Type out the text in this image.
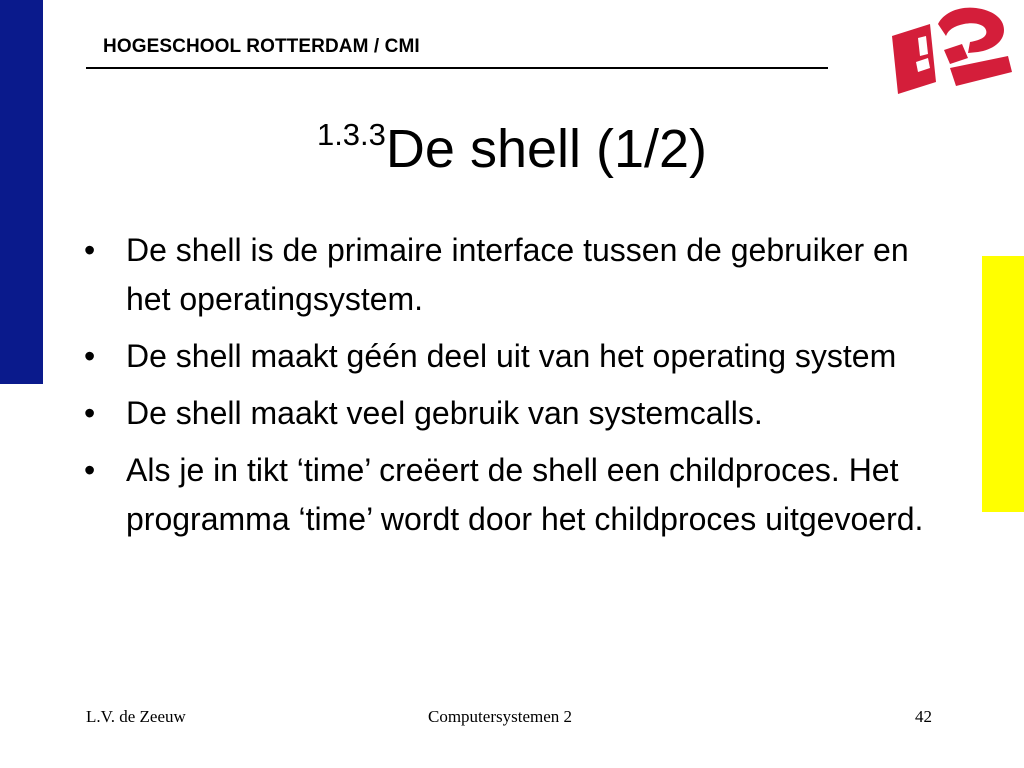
HOGESCHOOL ROTTERDAM / CMI
$^{1.3.3}$De shell (1/2)
• De shell is de primaire interface tussen de gebruiker en het operatingsystem.
• De shell maakt géén deel uit van het operating system
• De shell maakt veel gebruik van systemcalls.
• Als je in tikt ‘time’ creëert de shell een childproces. Het programma ‘time’ wordt door het childproces uitgevoerd.
L.V. de Zeeuw	Computersystemen 2	42
